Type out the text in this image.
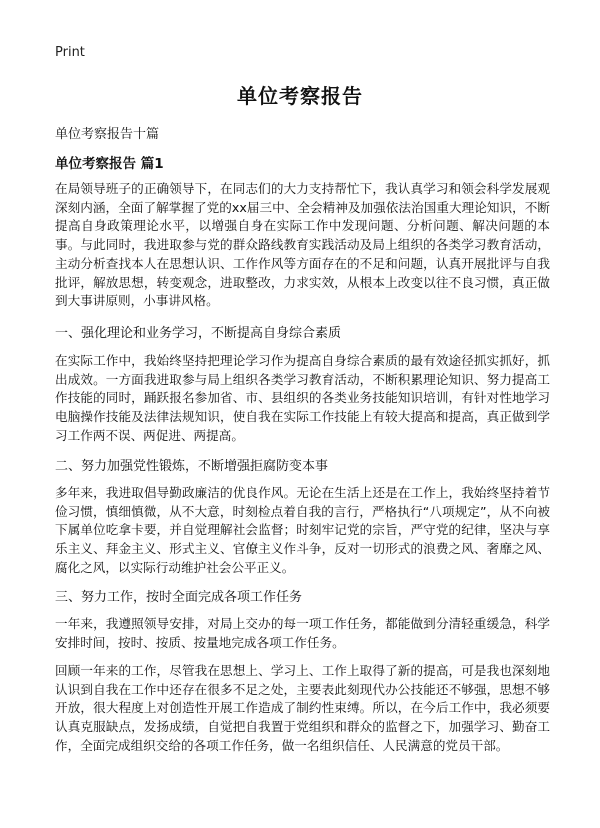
Print
单位考察报告
单位考察报告十篇
单位考察报告 篇1

在局领导班子的正确领导下，在同志们的大力支持帮忙下，我认真学习和领会科学发展观深刻内涵，全面了解掌握了党的xx届三中、全会精神及加强依法治国重大理论知识，不断提高自身政策理论水平，以增强自身在实际工作中发现问题、分析问题、解决问题的本事。与此同时，我进取参与党的群众路线教育实践活动及局上组织的各类学习教育活动，主动分析查找本人在思想认识、工作作风等方面存在的不足和问题，认真开展批评与自我批评，解放思想，转变观念，进取整改，力求实效，从根本上改变以往不良习惯，真正做到大事讲原则，小事讲风格。

一、强化理论和业务学习，不断提高自身综合素质

在实际工作中，我始终坚持把理论学习作为提高自身综合素质的最有效途径抓实抓好，抓出成效。一方面我进取参与局上组织各类学习教育活动，不断积累理论知识、努力提高工作技能的同时，踊跃报名参加省、市、县组织的各类业务技能知识培训，有针对性地学习电脑操作技能及法律法规知识，使自我在实际工作技能上有较大提高和提高，真正做到学习工作两不误、两促进、两提高。

二、努力加强党性锻炼，不断增强拒腐防变本事

多年来，我进取倡导勤政廉洁的优良作风。无论在生活上还是在工作上，我始终坚持着节俭习惯，慎细慎微，从不大意，时刻检点着自我的言行，严格执行“八项规定”，从不向被下属单位吃拿卡要，并自觉理解社会监督；时刻牢记党的宗旨，严守党的纪律，坚决与享乐主义、拜金主义、形式主义、官僚主义作斗争，反对一切形式的浪费之风、奢靡之风、腐化之风，以实际行动维护社会公平正义。

三、努力工作，按时全面完成各项工作任务

一年来，我遵照领导安排，对局上交办的每一项工作任务，都能做到分清轻重缓急，科学安排时间，按时、按质、按量地完成各项工作任务。

回顾一年来的工作，尽管我在思想上、学习上、工作上取得了新的提高，可是我也深刻地认识到自我在工作中还存在很多不足之处，主要表此刻现代办公技能还不够强，思想不够开放，很大程度上对创造性开展工作造成了制约性束缚。所以，在今后工作中，我必须要认真克服缺点，发扬成绩，自觉把自我置于党组织和群众的监督之下，加强学习、勤奋工作，全面完成组织交给的各项工作任务，做一名组织信任、人民满意的党员干部。
